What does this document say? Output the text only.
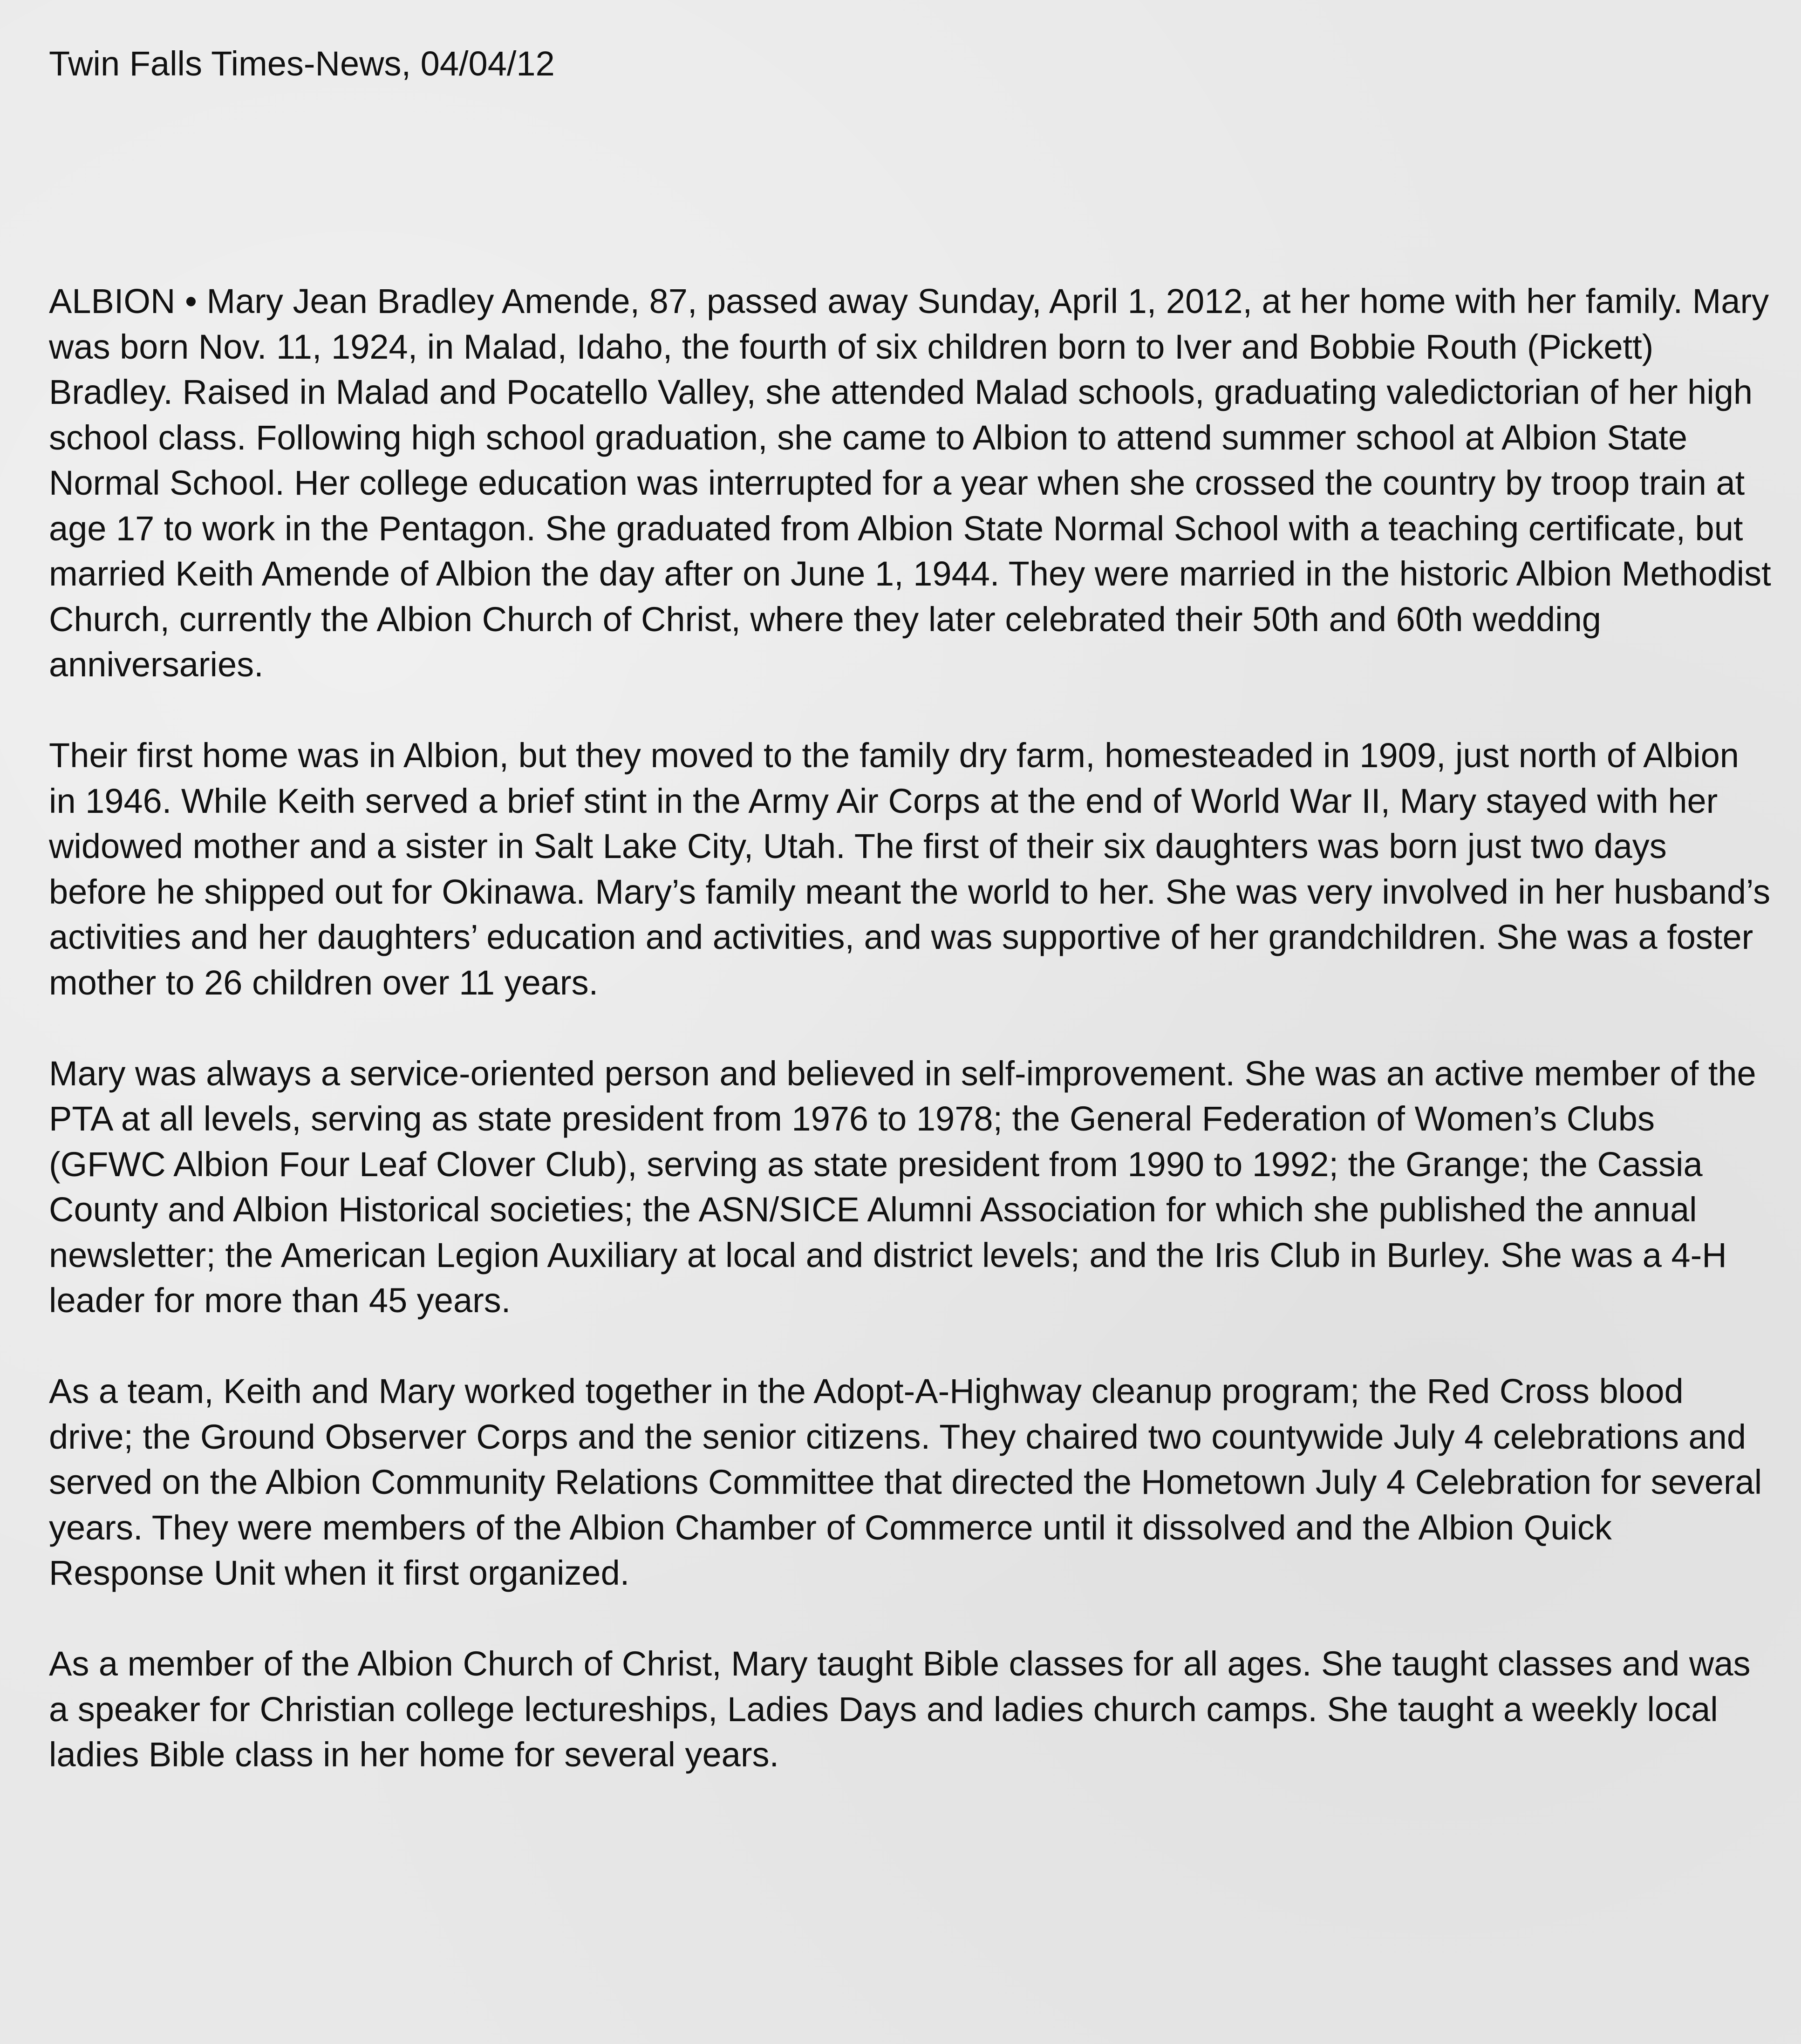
Twin Falls Times-News, 04/04/12

ALBION • Mary Jean Bradley Amende, 87, passed away Sunday, April 1, 2012, at her home with her family. Mary was born Nov. 11, 1924, in Malad, Idaho, the fourth of six children born to Iver and Bobbie Routh (Pickett) Bradley. Raised in Malad and Pocatello Valley, she attended Malad schools, graduating valedictorian of her high school class. Following high school graduation, she came to Albion to attend summer school at Albion State Normal School. Her college education was interrupted for a year when she crossed the country by troop train at age 17 to work in the Pentagon. She graduated from Albion State Normal School with a teaching certificate, but married Keith Amende of Albion the day after on June 1, 1944. They were married in the historic Albion Methodist Church, currently the Albion Church of Christ, where they later celebrated their 50th and 60th wedding anniversaries.

Their first home was in Albion, but they moved to the family dry farm, homesteaded in 1909, just north of Albion in 1946. While Keith served a brief stint in the Army Air Corps at the end of World War II, Mary stayed with her widowed mother and a sister in Salt Lake City, Utah. The first of their six daughters was born just two days before he shipped out for Okinawa. Mary’s family meant the world to her. She was very involved in her husband’s activities and her daughters’ education and activities, and was supportive of her grandchildren. She was a foster mother to 26 children over 11 years.

Mary was always a service-oriented person and believed in self-improvement. She was an active member of the PTA at all levels, serving as state president from 1976 to 1978; the General Federation of Women’s Clubs (GFWC Albion Four Leaf Clover Club), serving as state president from 1990 to 1992; the Grange; the Cassia County and Albion Historical societies; the ASN/SICE Alumni Association for which she published the annual newsletter; the American Legion Auxiliary at local and district levels; and the Iris Club in Burley. She was a 4-H leader for more than 45 years.

As a team, Keith and Mary worked together in the Adopt-A-Highway cleanup program; the Red Cross blood drive; the Ground Observer Corps and the senior citizens. They chaired two countywide July 4 celebrations and served on the Albion Community Relations Committee that directed the Hometown July 4 Celebration for several years. They were members of the Albion Chamber of Commerce until it dissolved and the Albion Quick Response Unit when it first organized.

As a member of the Albion Church of Christ, Mary taught Bible classes for all ages. She taught classes and was a speaker for Christian college lectureships, Ladies Days and ladies church camps. She taught a weekly local ladies Bible class in her home for several years.
